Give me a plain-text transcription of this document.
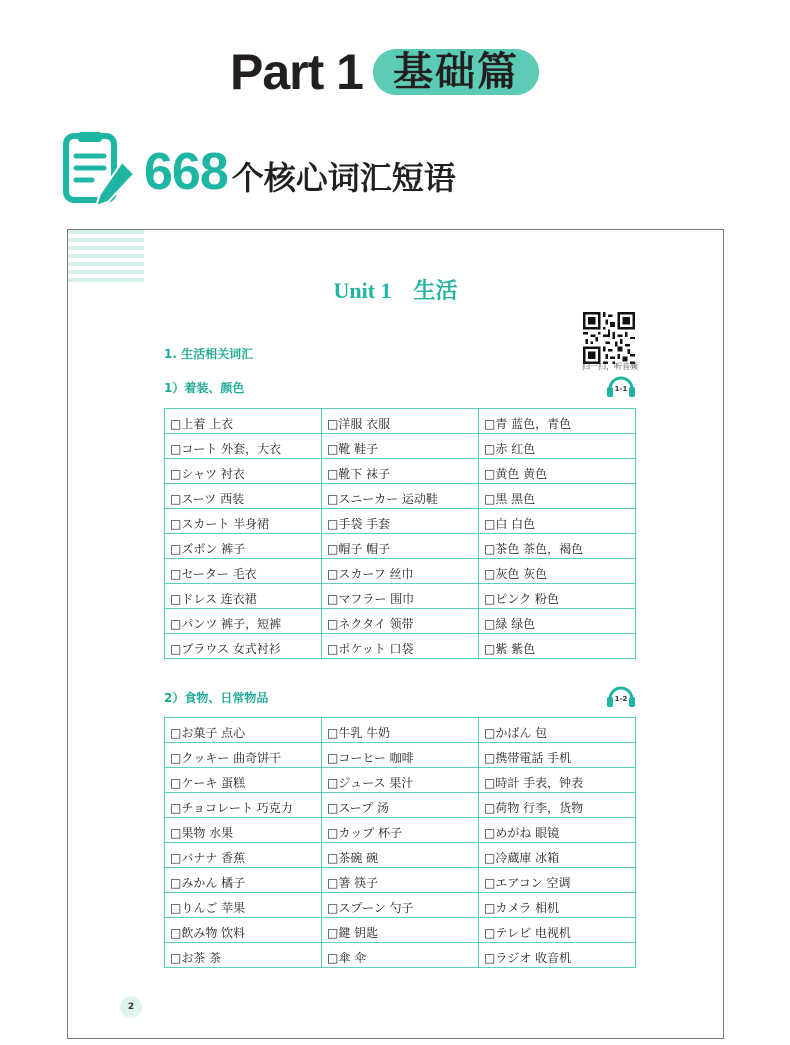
Part 1 基础篇
668 个核心词汇短语
Unit 1　生活
扫一扫，听音频
1. 生活相关词汇
1）着装、颜色	1-1
□上着 上衣	□洋服 衣服	□青 蓝色，青色
□コート 外套，大衣	□靴 鞋子	□赤 红色
□シャツ 衬衣	□靴下 袜子	□黄色 黄色
□スーツ 西装	□スニーカー 运动鞋	□黒 黑色
□スカート 半身裙	□手袋 手套	□白 白色
□ズボン 裤子	□帽子 帽子	□茶色 茶色，褐色
□セーター 毛衣	□スカーフ 丝巾	□灰色 灰色
□ドレス 连衣裙	□マフラー 围巾	□ピンク 粉色
□パンツ 裤子，短裤	□ネクタイ 领带	□緑 绿色
□ブラウス 女式衬衫	□ポケット 口袋	□紫 紫色
2）食物、日常物品	1-2
□お菓子 点心	□牛乳 牛奶	□かばん 包
□クッキー 曲奇饼干	□コーヒー 咖啡	□携帯電話 手机
□ケーキ 蛋糕	□ジュース 果汁	□時計 手表，钟表
□チョコレート 巧克力	□スープ 汤	□荷物 行李，货物
□果物 水果	□カップ 杯子	□めがね 眼镜
□バナナ 香蕉	□茶碗 碗	□冷蔵庫 冰箱
□みかん 橘子	□箸 筷子	□エアコン 空调
□りんご 苹果	□スプーン 勺子	□カメラ 相机
□飲み物 饮料	□鍵 钥匙	□テレビ 电视机
□お茶 茶	□傘 伞	□ラジオ 收音机
2
